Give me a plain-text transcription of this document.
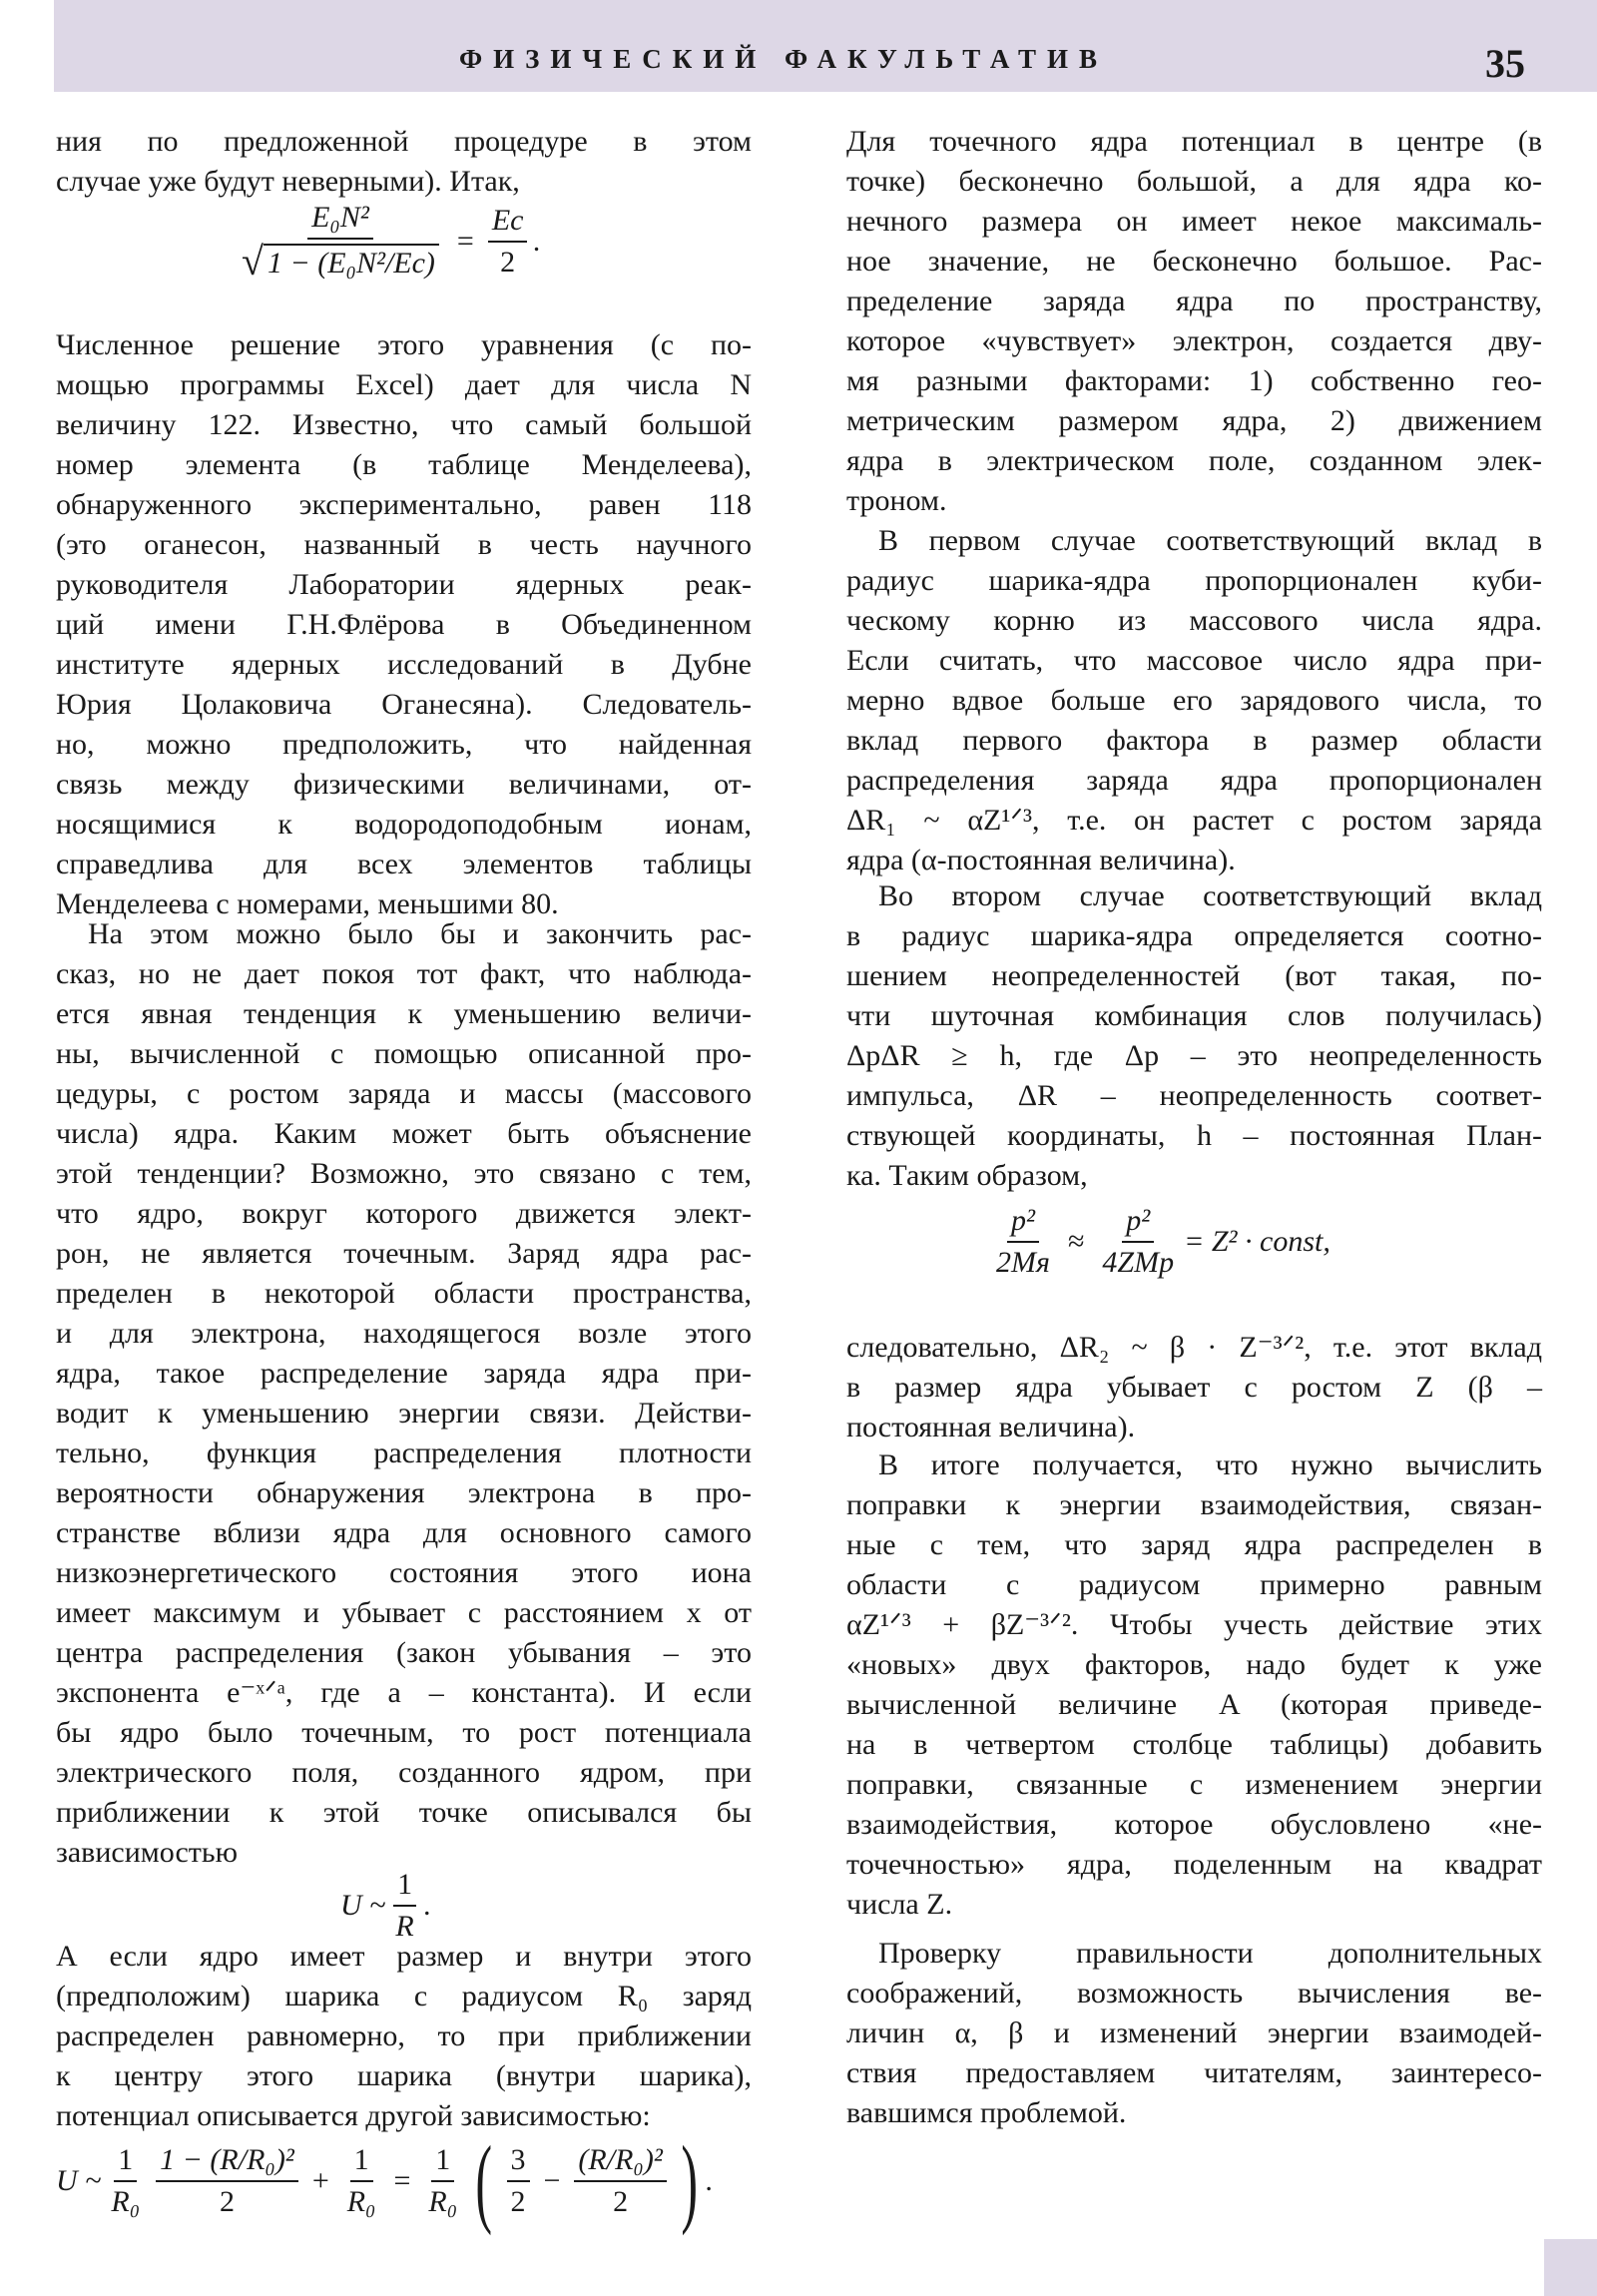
ФИЗИЧЕСКИЙ ФАКУЛЬТАТИВ	35
ния по предложенной процедуре в этом
случае уже будут неверными). Итак,
$\frac{\text{E₀N²}}{\text{√ 1 − (E₀N²/Eс)}} = \frac{Eс}{2}$ .
Численное решение этого уравнения (с по-
мощью программы Excel) дает для числа N
величину 122. Известно, что самый большой
номер элемента (в таблице Менделеева),
обнаруженного экспериментально, равен 118
(это оганесон, названный в честь научного
руководителя Лаборатории ядерных реак-
ций имени Г.Н.Флёрова в Объединенном
институте ядерных исследований в Дубне
Юрия Цолаковича Оганесяна). Следователь-
но, можно предположить, что найденная
связь между физическими величинами, от-
носящимися к водородоподобным ионам,
справедлива для всех элементов таблицы
Менделеева с номерами, меньшими 80.
На этом можно было бы и закончить рас-
сказ, но не дает покоя тот факт, что наблюда-
ется явная тенденция к уменьшению величи-
ны, вычисленной с помощью описанной про-
цедуры, с ростом заряда и массы (массового
числа) ядра. Каким может быть объяснение
этой тенденции? Возможно, это связано с тем,
что ядро, вокруг которого движется элект-
рон, не является точечным. Заряд ядра рас-
пределен в некоторой области пространства,
и для электрона, находящегося возле этого
ядра, такое распределение заряда ядра при-
водит к уменьшению энергии связи. Действи-
тельно, функция распределения плотности
вероятности обнаружения электрона в про-
странстве вблизи ядра для основного самого
низкоэнергетического состояния этого иона
имеет максимум и убывает с расстоянием x от
центра распределения (закон убывания – это
экспонента e⁻ˣᐟᵃ, где a – константа). И если
бы ядро было точечным, то рост потенциала
электрического поля, созданного ядром, при
приближении к этой точке описывался бы
зависимостью
U ~ $\frac{1}{R}$ .
А если ядро имеет размер и внутри этого
(предположим) шарика с радиусом R₀ заряд
распределен равномерно, то при приближении
к центру этого шарика (внутри шарика),
потенциал описывается другой зависимостью:
U ~ $\frac{1}{\text{R₀}} \frac{\text{1 − (R/R₀)²}}{2} + \frac{1}{\text{R₀}} = \frac{1}{\text{R₀}}$ ( $\frac{3}{2} - \frac{\text{(R/R₀)²}}{2}$ ) .
Для точечного ядра потенциал в центре (в
точке) бесконечно большой, а для ядра ко-
нечного размера он имеет некое максималь-
ное значение, не бесконечно большое. Рас-
пределение заряда ядра по пространству,
которое «чувствует» электрон, создается дву-
мя разными факторами: 1) собственно гео-
метрическим размером ядра, 2) движением
ядра в электрическом поле, созданном элек-
троном.
В первом случае соответствующий вклад в
радиус шарика-ядра пропорционален куби-
ческому корню из массового числа ядра.
Если считать, что массовое число ядра при-
мерно вдвое больше его зарядового числа, то
вклад первого фактора в размер области
распределения заряда ядра пропорционален
ΔR₁ ~ αZ¹ᐟ³, т.е. он растет с ростом заряда
ядра (α-постоянная величина).
Во втором случае соответствующий вклад
в радиус шарика-ядра определяется соотно-
шением неопределенностей (вот такая, по-
чти шуточная комбинация слов получилась)
ΔpΔR ≥ h, где Δp – это неопределенность
импульса, ΔR – неопределенность соответ-
ствующей координаты, h – постоянная План-
ка. Таким образом,
$\frac{\text{p²}}{2Mя} \approx \frac{\text{p²}}{\text{4ZMp}} = Z^2$ · const,
следовательно, ΔR₂ ~ β · Z⁻³ᐟ², т.е. этот вклад
в размер ядра убывает с ростом Z (β –
постоянная величина).
В итоге получается, что нужно вычислить
поправки к энергии взаимодействия, связан-
ные с тем, что заряд ядра распределен в
области с радиусом примерно равным
αZ¹ᐟ³ + βZ⁻³ᐟ². Чтобы учесть действие этих
«новых» двух факторов, надо будет к уже
вычисленной величине A (которая приведе-
на в четвертом столбце таблицы) добавить
поправки, связанные с изменением энергии
взаимодействия, которое обусловлено «не-
точечностью» ядра, поделенным на квадрат
числа Z.
Проверку правильности дополнительных
соображений, возможность вычисления ве-
личин α, β и изменений энергии взаимодей-
ствия предоставляем читателям, заинтересо-
вавшимся проблемой.
